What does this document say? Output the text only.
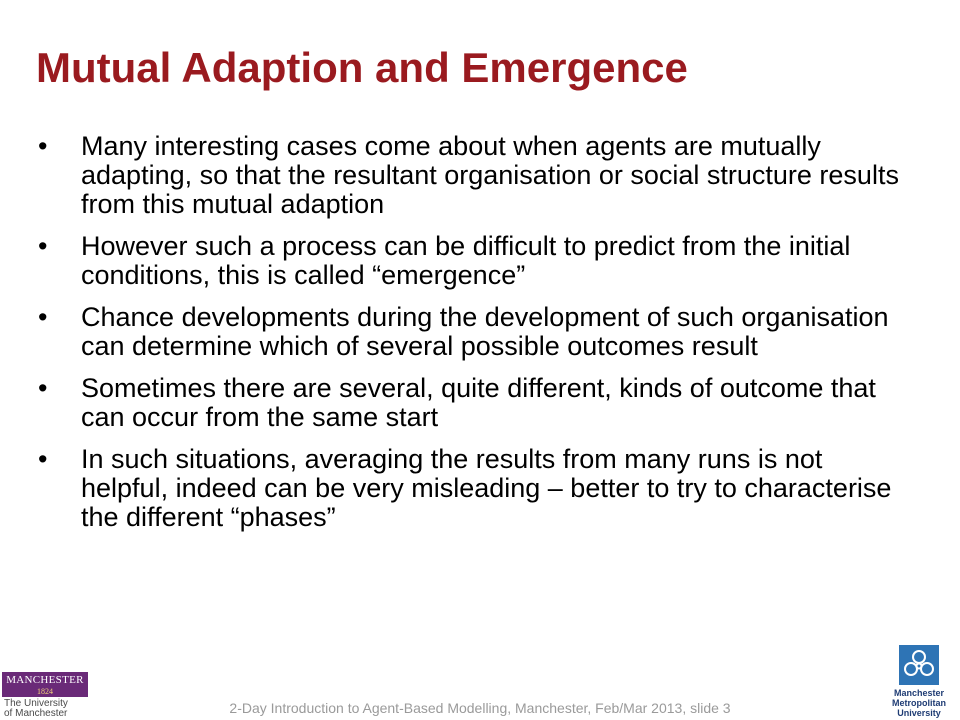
Mutual Adaption and Emergence
• Many interesting cases come about when agents are mutually adapting, so that the resultant organisation or social structure results from this mutual adaption
• However such a process can be difficult to predict from the initial conditions, this is called “emergence”
• Chance developments during the development of such organisation can determine which of several possible outcomes result
• Sometimes there are several, quite different, kinds of outcome that can occur from the same start
• In such situations, averaging the results from many runs is not helpful, indeed can be very misleading – better to try to characterise the different “phases”
MANCHESTER
1824
The University
of Manchester	2-Day Introduction to Agent-Based Modelling, Manchester, Feb/Mar 2013, slide 3
Manchester
Metropolitan
University
